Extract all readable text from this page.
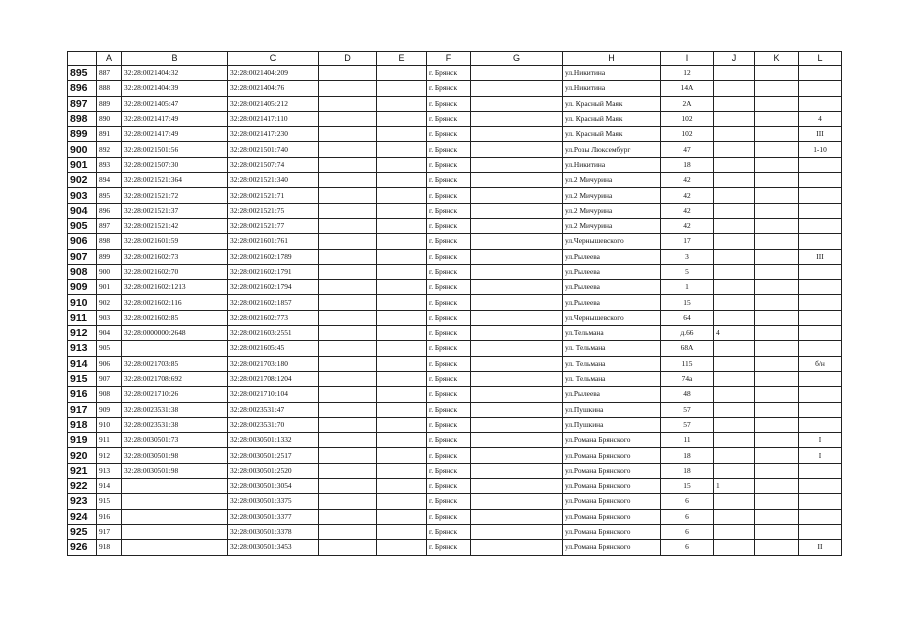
	A	B	C	D	E	F	G	H	I	J	K	L
895	887	32:28:0021404:32	32:28:0021404:209			г. Брянск		ул.Никитина	12			
896	888	32:28:0021404:39	32:28:0021404:76			г. Брянск		ул.Никитина	14А			
897	889	32:28:0021405:47	32:28:0021405:212			г. Брянск		ул. Красный Маяк	2А			
898	890	32:28:0021417:49	32:28:0021417:110			г. Брянск		ул. Красный Маяк	102			4
899	891	32:28:0021417:49	32:28:0021417:230			г. Брянск		ул. Красный Маяк	102			III
900	892	32:28:0021501:56	32:28:0021501:740			г. Брянск		ул.Розы Люксембург	47			1-10
901	893	32:28:0021507:30	32:28:0021507:74			г. Брянск		ул.Никитина	18			
902	894	32:28:0021521:364	32:28:0021521:340			г. Брянск		ул.2 Мичурина	42			
903	895	32:28:0021521:72	32:28:0021521:71			г. Брянск		ул.2 Мичурина	42			
904	896	32:28:0021521:37	32:28:0021521:75			г. Брянск		ул.2 Мичурина	42			
905	897	32:28:0021521:42	32:28:0021521:77			г. Брянск		ул.2 Мичурина	42			
906	898	32:28:0021601:59	32:28:0021601:761			г. Брянск		ул.Чернышевского	17			
907	899	32:28:0021602:73	32:28:0021602:1789			г. Брянск		ул.Рылеева	3			III
908	900	32:28:0021602:70	32:28:0021602:1791			г. Брянск		ул.Рылеева	5			
909	901	32:28:0021602:1213	32:28:0021602:1794			г. Брянск		ул.Рылеева	1			
910	902	32:28:0021602:116	32:28:0021602:1857			г. Брянск		ул.Рылеева	15			
911	903	32:28:0021602:85	32:28:0021602:773			г. Брянск		ул.Чернышевского	64			
912	904	32:28:0000000:2648	32:28:0021603:2551			г. Брянск		ул.Тельмана	д.66	4		
913	905		32:28:0021605:45			г. Брянск		ул. Тельмана	68А			
914	906	32:28:0021703:85	32:28:0021703:180			г. Брянск		ул. Тельмана	115			б/н
915	907	32:28:0021708:692	32:28:0021708:1204			г. Брянск		ул. Тельмана	74а			
916	908	32:28:0021710:26	32:28:0021710:104			г. Брянск		ул.Рылеева	48			
917	909	32:28:0023531:38	32:28:0023531:47			г. Брянск		ул.Пушкина	57			
918	910	32:28:0023531:38	32:28:0023531:70			г. Брянск		ул.Пушкина	57			
919	911	32:28:0030501:73	32:28:0030501:1332			г. Брянск		ул.Романа Брянского	11			I
920	912	32:28:0030501:98	32:28:0030501:2517			г. Брянск		ул.Романа Брянского	18			I
921	913	32:28:0030501:98	32:28:0030501:2520			г. Брянск		ул.Романа Брянского	18			
922	914		32:28:0030501:3054			г. Брянск		ул.Романа Брянского	15	1		
923	915		32:28:0030501:3375			г. Брянск		ул.Романа Брянского	6			
924	916		32:28:0030501:3377			г. Брянск		ул.Романа Брянского	6			
925	917		32:28:0030501:3378			г. Брянск		ул.Романа Брянского	6			
926	918		32:28:0030501:3453			г. Брянск		ул.Романа Брянского	6			II
